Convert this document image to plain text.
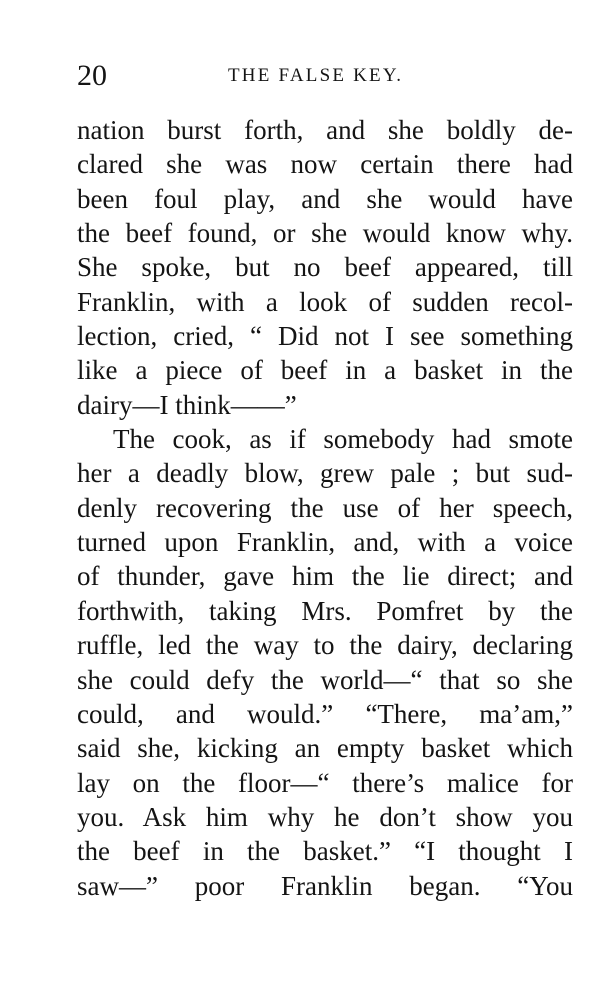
20	THE FALSE KEY.
nation burst forth, and she boldly de-
clared she was now certain there had
been foul play, and she would have
the beef found, or she would know why.
She spoke, but no beef appeared, till
Franklin, with a look of sudden recol-
lection, cried, “ Did not I see something
like a piece of beef in a basket in the
dairy—I think——”
The cook, as if somebody had smote
her a deadly blow, grew pale ; but sud-
denly recovering the use of her speech,
turned upon Franklin, and, with a voice
of thunder, gave him the lie direct; and
forthwith, taking Mrs. Pomfret by the
ruffle, led the way to the dairy, declaring
she could defy the world—“ that so she
could, and would.” “There, ma’am,”
said she, kicking an empty basket which
lay on the floor—“ there’s malice for
you. Ask him why he don’t show you
the beef in the basket.” “I thought I
saw—” poor Franklin began. “You
